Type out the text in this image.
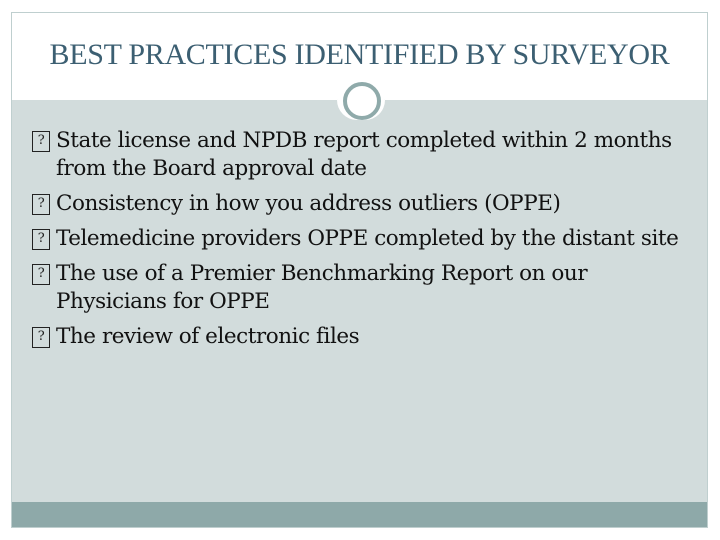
BEST PRACTICES IDENTIFIED BY SURVEYOR
? State license and NPDB report completed within 2 months from the Board approval date
? Consistency in how you address outliers (OPPE)
? Telemedicine providers OPPE completed by the distant site
? The use of a Premier Benchmarking Report on our Physicians for OPPE
? The review of electronic files
